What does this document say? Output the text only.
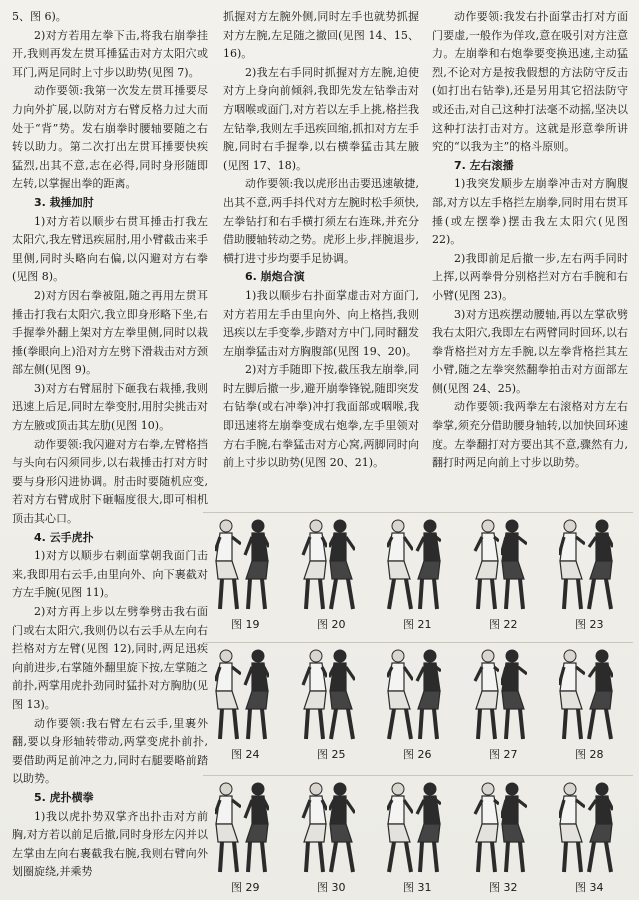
5、图 6)。

2)对方若用左拳下击,将我右崩拳挂开,我则再发左贯耳捶猛击对方太阳穴或耳门,两足同时上寸步以助势(见图 7)。

动作要领:我第一次发左贯耳捶要尽力向外扩展,以防对方右臂反格力过大而处于“背”势。发右崩拳时腰轴要随之右转以助力。第二次打出左贯耳捶要快疾猛烈,出其不意,志在必得,同时身形随即左转,以掌握出拳的距离。

3. 栽捶加肘

1)对方若以顺步右贯耳捶击打我左太阳穴,我左臂迅疾屈肘,用小臂截击来手里侧,同时头略向右偏,以闪避对方右拳(见图 8)。

2)对方因右拳被阻,随之再用左贯耳捶击打我右太阳穴,我立即身形略下坐,右手握拳外翻上架对方左拳里侧,同时以栽捶(拳眼向上)沿对方左劈下滑栽击对方颈部左侧(见图 9)。

3)对方右臂屈肘下砸我右栽捶,我则迅速上后足,同时左拳变肘,用肘尖挑击对方左腋或顶击其左肋(见图 10)。

动作要领:我闪避对方右拳,左臂格挡与头向右闪须同步,以右栽捶击打对方时要与身形闪进协调。肘击时要随机应变,若对方右臂成肘下砸幅度很大,即可相机顶击其心口。

4. 云手虎扑

1)对方以顺步右刺面掌朝我面门击来,我即用右云手,由里向外、向下裹截对方左手腕(见图 11)。

2)对方再上步以左劈拳劈击我右面门或右太阳穴,我则仍以右云手从左向右拦格对方左臂(见图 12),同时,两足迅疾向前进步,右掌随外翻里旋下按,左掌随之前扑,两掌用虎扑劲同时猛扑对方胸肋(见图 13)。

动作要领:我右臂左右云手,里裹外翻,要以身形轴转带动,两掌变虎扑前扑,要借助两足前冲之力,同时右腿要略前踏以助势。

5. 虎扑横拳

1)我以虎扑势双掌齐出扑击对方前胸,对方若以前足后撤,同时身形左闪并以左掌由左向右裹截我右腕,我则右臂向外划圈旋绕,并乘势

抓握对方左腕外侧,同时左手也就势抓握对方左腕,左足随之撤回(见图 14、15、16)。

2)我左右手同时抓握对方左腕,迫使对方上身向前倾斜,我即先发左钻拳击对方咽喉或面门,对方若以左手上挑,格拦我左钻拳,我则左手迅疾回缩,抓扣对方左手腕,同时右手握拳,以右横拳猛击其左腋(见图 17、18)。

动作要领:我以虎形出击要迅速敏捷,出其不意,两手抖代对方左腕时松手须快,左拳钻打和右手横打须左右连珠,并充分借助腰轴转动之势。虎形上步,拌腕退步,横打进寸步均要手足协调。

6. 崩炮合演

1)我以顺步右扑面掌虚击对方面门,对方若用左手由里向外、向上格挡,我则迅疾以左手变拳,步踏对方中门,同时翻发左崩拳猛击对方胸腹部(见图 19、20)。

2)对方手随即下按,截压我左崩拳,同时左脚后撤一步,避开崩拳锋锐,随即突发右钻拳(或右冲拳)冲打我面部或咽喉,我即迅速将左崩拳变成右炮拳,左手里领对方右手腕,右拳猛击对方心窝,两脚同时向前上寸步以助势(见图 20、21)。

动作要领:我发右扑面掌击打对方面门要虚,一般作为佯攻,意在吸引对方注意力。左崩拳和右炮拳要变换迅速,主动猛烈,不论对方是按我假想的方法防守反击(如打出右钻拳),还是另用其它招法防守或还击,对自己这种打法毫不动摇,坚决以这种打法打击对方。这就是形意拳所讲究的“以我为主”的格斗原则。

7. 左右滚播

1)我突发顺步左崩拳冲击对方胸腹部,对方以左手格拦左崩拳,同时用右贯耳捶(或左摆拳)摆击我左太阳穴(见图 22)。

2)我即前足后撤一步,左右两手同时上挥,以两拳骨分别格拦对方右手腕和右小臂(见图 23)。

3)对方迅疾摆动腰轴,再以左掌砍劈我右太阳穴,我即左右两臂同时回环,以右拳背格拦对方左手腕,以左拳背格拦其左小臂,随之左拳突然翻拳拍击对方面部左侧(见图 24、25)。

动作要领:我两拳左右滚格对方左右拳掌,须充分借助腰身轴转,以加快回环速度。左拳翻打对方要出其不意,骤然有力,翻打时两足向前上寸步以助势。

图 19	图 20	图 21	图 22	图 23
图 24	图 25	图 26	图 27	图 28
图 29	图 30	图 31	图 32	图 34
